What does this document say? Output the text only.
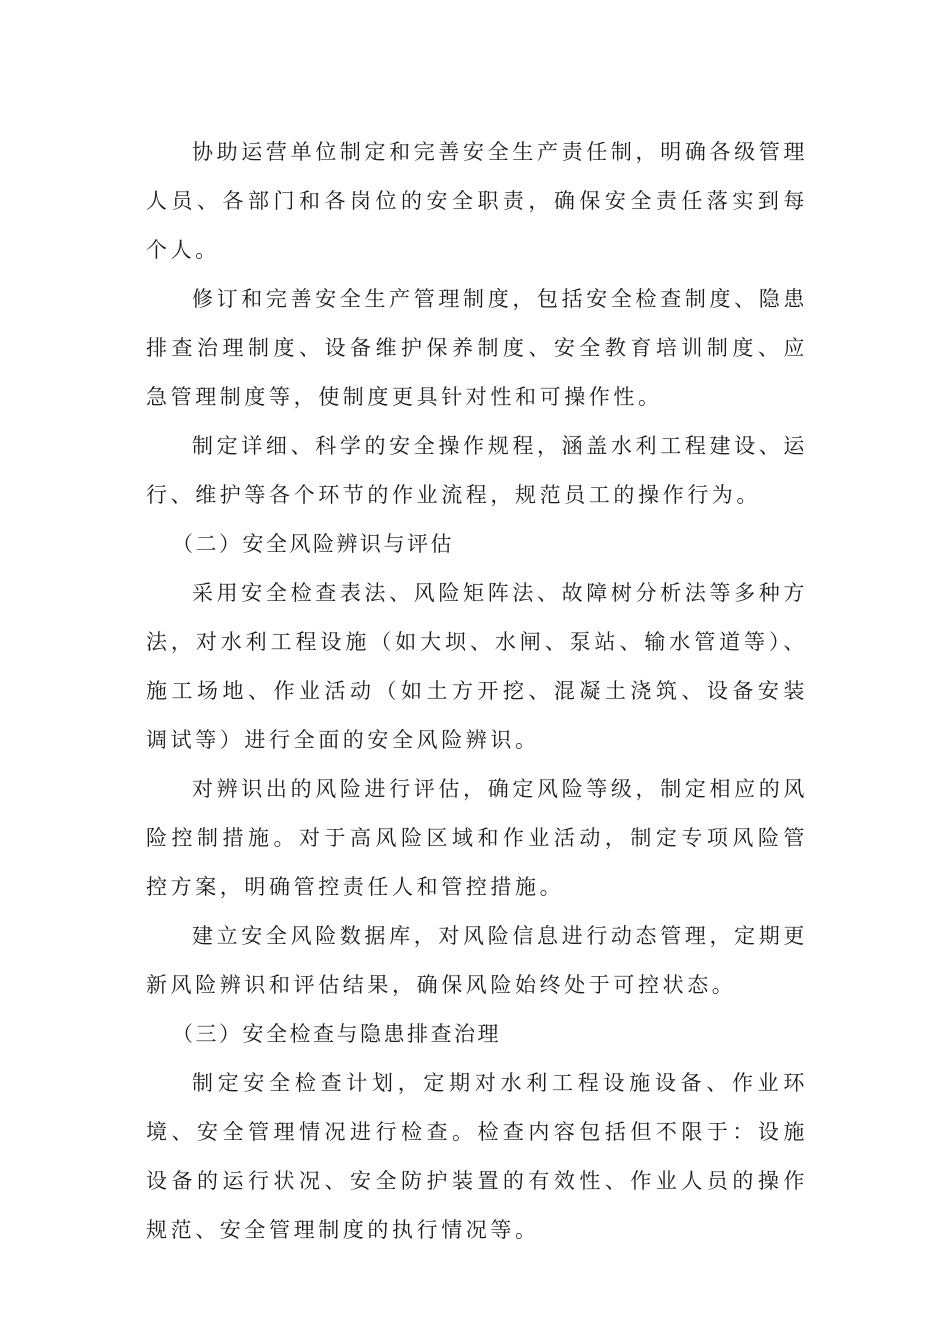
协助运营单位制定和完善安全生产责任制，明确各级管理人员、各部门和各岗位的安全职责，确保安全责任落实到每个人。

修订和完善安全生产管理制度，包括安全检查制度、隐患排查治理制度、设备维护保养制度、安全教育培训制度、应急管理制度等，使制度更具针对性和可操作性。

制定详细、科学的安全操作规程，涵盖水利工程建设、运行、维护等各个环节的作业流程，规范员工的操作行为。

（二）安全风险辨识与评估

采用安全检查表法、风险矩阵法、故障树分析法等多种方法，对水利工程设施（如大坝、水闸、泵站、输水管道等）、施工场地、作业活动（如土方开挖、混凝土浇筑、设备安装调试等）进行全面的安全风险辨识。

对辨识出的风险进行评估，确定风险等级，制定相应的风险控制措施。对于高风险区域和作业活动，制定专项风险管控方案，明确管控责任人和管控措施。

建立安全风险数据库，对风险信息进行动态管理，定期更新风险辨识和评估结果，确保风险始终处于可控状态。

（三）安全检查与隐患排查治理

制定安全检查计划，定期对水利工程设施设备、作业环境、安全管理情况进行检查。检查内容包括但不限于：设施设备的运行状况、安全防护装置的有效性、作业人员的操作规范、安全管理制度的执行情况等。
